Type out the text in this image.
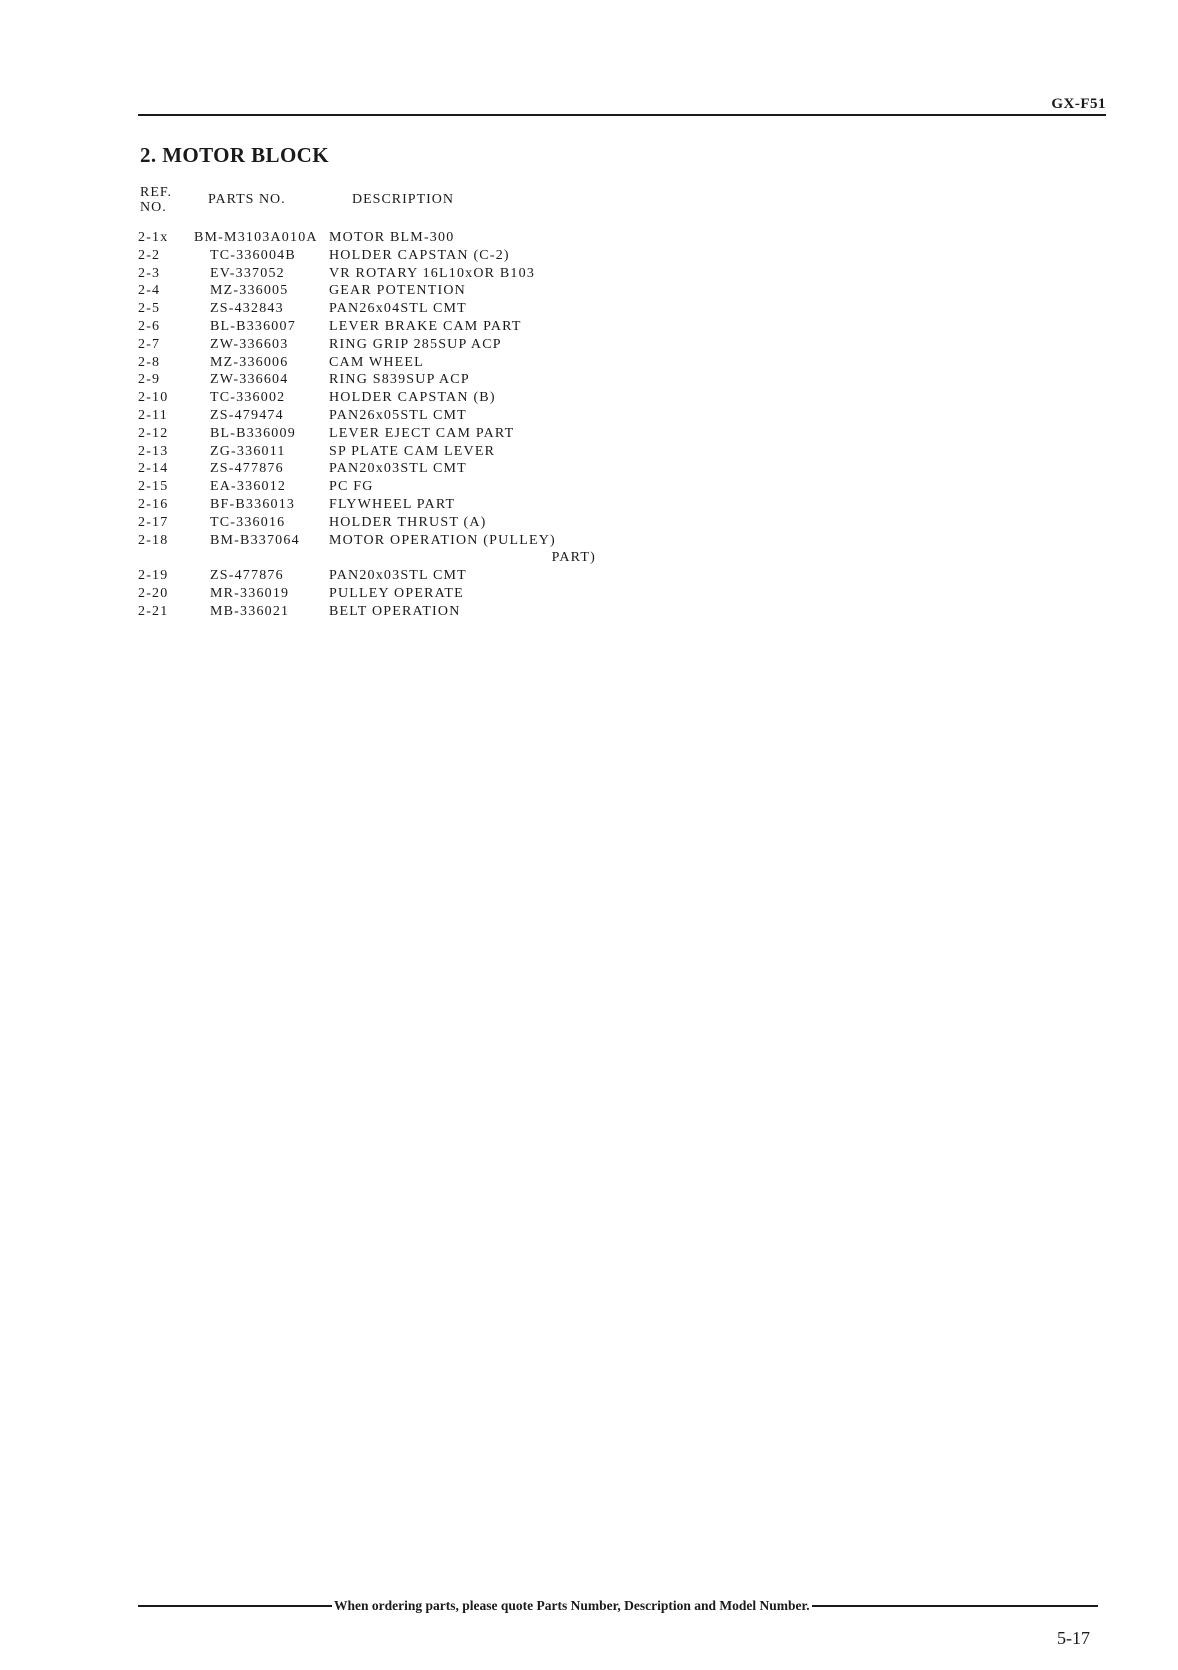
GX-F51
2. MOTOR BLOCK
REF.
NO.
PARTS NO.	DESCRIPTION
2-1x BM-M3103A010A MOTOR BLM-300
2-2	TC-336004B HOLDER CAPSTAN (C-2)
2-3	EV-337052	VR ROTARY 16L10xOR B103
2-4	MZ-336005	GEAR POTENTION
2-5	ZS-432843	PAN26x04STL CMT
2-6	BL-B336007 LEVER BRAKE CAM PART
2-7	ZW-336603	RING GRIP 285SUP ACP
2-8	MZ-336006	CAM WHEEL
2-9	ZW-336604	RING S839SUP ACP
2-10	TC-336002	HOLDER CAPSTAN (B)
2-11	ZS-479474	PAN26x05STL CMT
2-12	BL-B336009 LEVER EJECT CAM PART
2-13	ZG-336011	SP PLATE CAM LEVER
2-14	ZS-477876	PAN20x03STL CMT
2-15	EA-336012	PC FG
2-16	BF-B336013 FLYWHEEL PART
2-17	TC-336016	HOLDER THRUST (A)
2-18	BM-B337064 MOTOR OPERATION (PULLEY)
PART)
2-19	ZS-477876	PAN20x03STL CMT
2-20	MR-336019	PULLEY OPERATE
2-21	MB-336021	BELT OPERATION
When ordering parts, please quote Parts Number, Description and Model Number.
5-17
